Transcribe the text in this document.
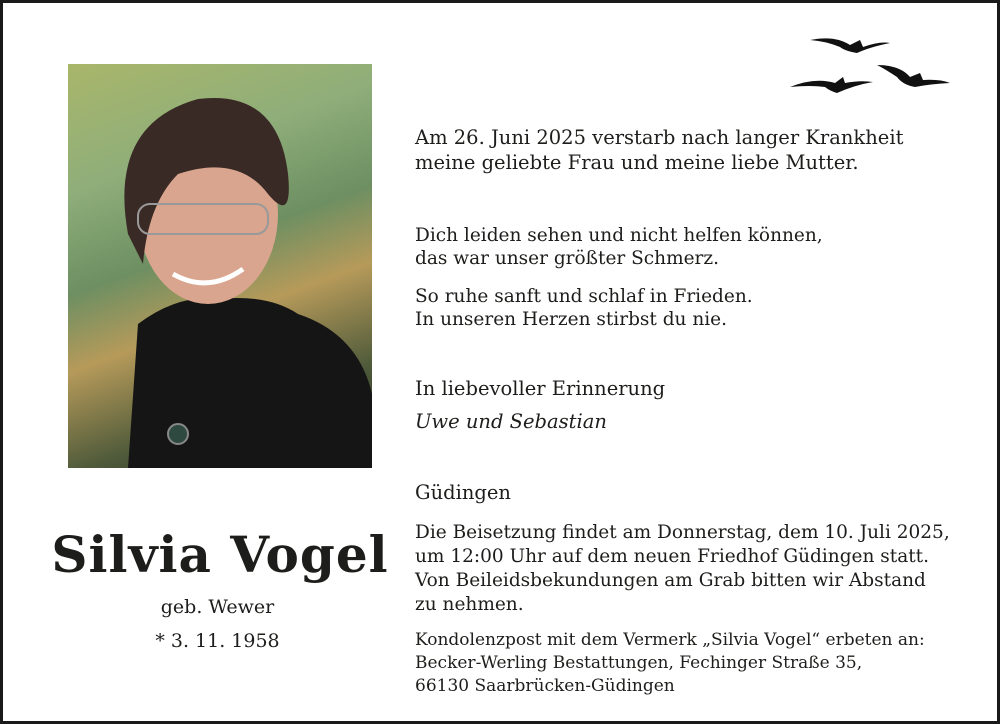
Silvia Vogel
geb. Wewer
* 3. 11. 1958
Am 26. Juni 2025 verstarb nach langer Krankheit
meine geliebte Frau und meine liebe Mutter.
Dich leiden sehen und nicht helfen können,
das war unser größter Schmerz.
So ruhe sanft und schlaf in Frieden.
In unseren Herzen stirbst du nie.
In liebevoller Erinnerung
Uwe und Sebastian
Güdingen
Die Beisetzung findet am Donnerstag, dem 10. Juli 2025,
um 12:00 Uhr auf dem neuen Friedhof Güdingen statt.
Von Beileidsbekundungen am Grab bitten wir Abstand
zu nehmen.
Kondolenzpost mit dem Vermerk „Silvia Vogel“ erbeten an:
Becker-Werling Bestattungen, Fechinger Straße 35,
66130 Saarbrücken-Güdingen
